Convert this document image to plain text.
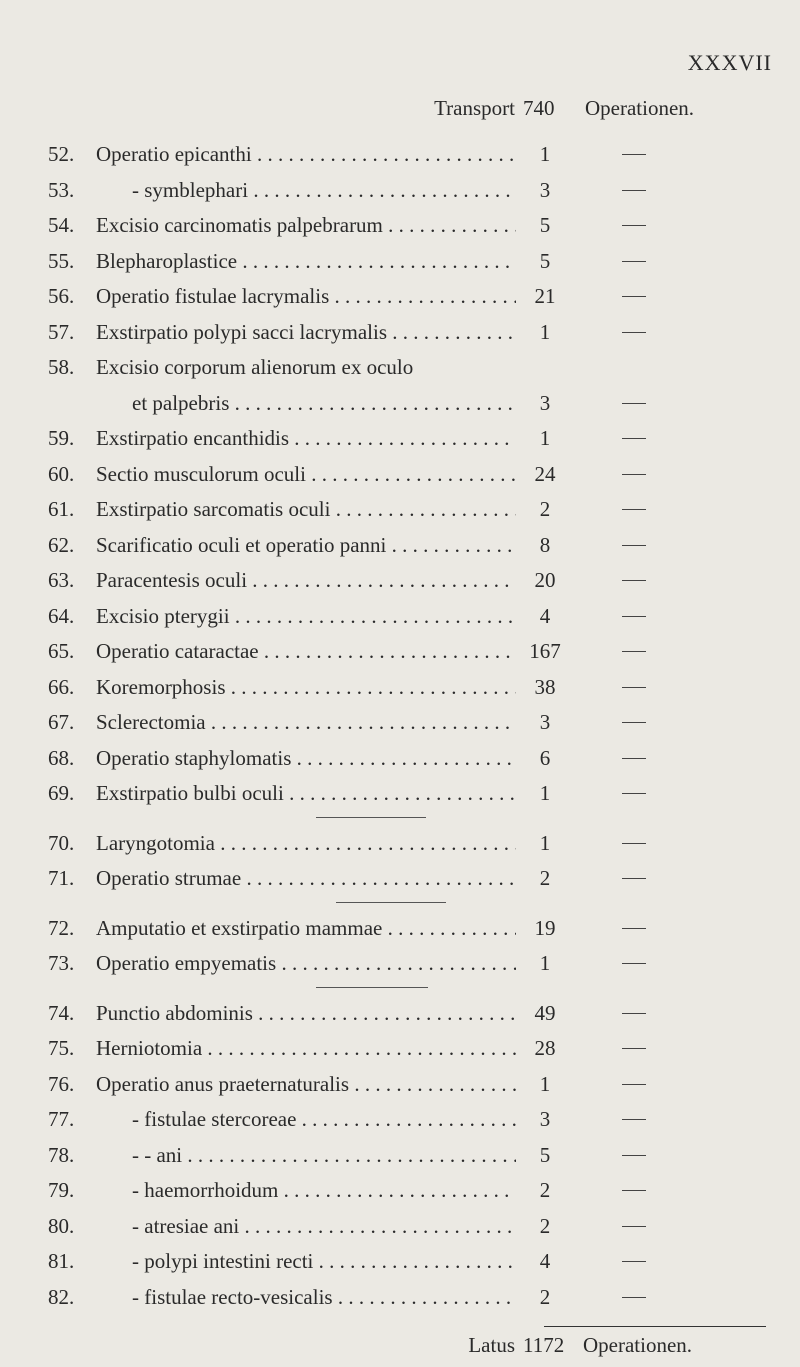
XXXVII
Transport 740 Operationen.
52.	Operatio epicanthi . . .	1
53.	- symblephari . . .	3
54.	Excisio carcinomatis palpebrarum . . .	5
55.	Blepharoplastice . . .	5
56.	Operatio fistulae lacrymalis . . .	21
57.	Exstirpatio polypi sacci lacrymalis . . .	1
58.	Excisio corporum alienorum ex oculo
et palpebris . . .	3
59.	Exstirpatio encanthidis . . .	1
60.	Sectio musculorum oculi . . .	24
61.	Exstirpatio sarcomatis oculi . . .	2
62.	Scarificatio oculi et operatio panni . . .	8
63.	Paracentesis oculi . . .	20
64.	Excisio pterygii . . .	4
65.	Operatio cataractae . . .	167
66.	Koremorphosis . . .	38
67.	Sclerectomia . . .	3
68.	Operatio staphylomatis . . .	6
69.	Exstirpatio bulbi oculi . . .	1
70.	Laryngotomia . . .	1
71.	Operatio strumae . . .	2
72.	Amputatio et exstirpatio mammae . . .	19
73.	Operatio empyematis . . .	1
74.	Punctio abdominis . . .	49
75.	Herniotomia . . .	28
76.	Operatio anus praeternaturalis . . .	1
77.	- fistulae stercoreae . . .	3
78.	- - ani . . .	5
79.	- haemorrhoidum . . .	2
80.	- atresiae ani . . .	2
81.	- polypi intestini recti . . .	4
82.	- fistulae recto-vesicalis . . .	2
Latus 1172 Operationen.
